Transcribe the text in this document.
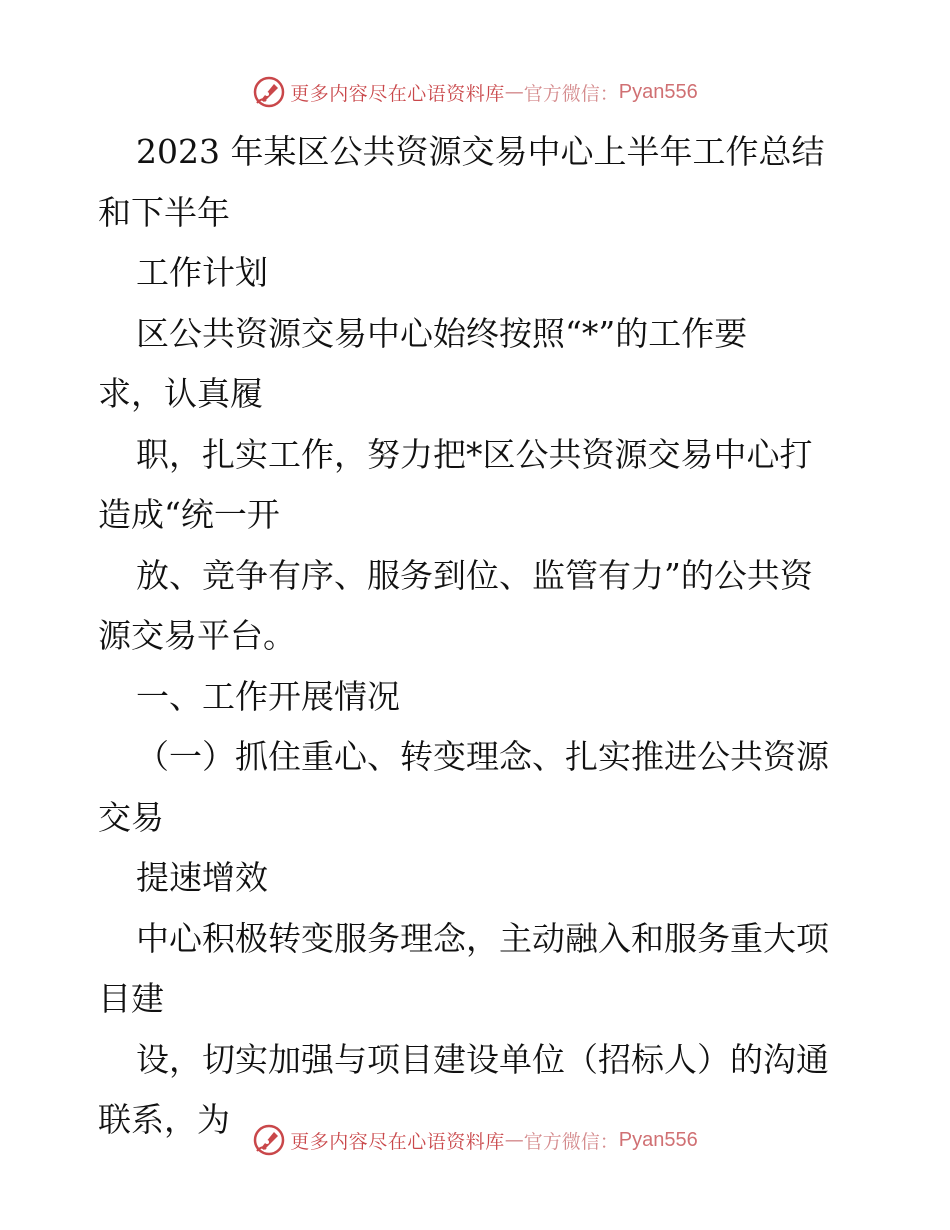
更多内容尽在心语资料库 — 官方微信： Pyan556
2023 年某区公共资源交易中心上半年工作总结
和下半年
工作计划
区公共资源交易中心始终按照“*”的工作要
求，认真履
职，扎实工作，努力把*区公共资源交易中心打
造成“统一开
放、竞争有序、服务到位、监管有力”的公共资
源交易平台。
一、工作开展情况
（一）抓住重心、转变理念、扎实推进公共资源
交易
提速增效
中心积极转变服务理念，主动融入和服务重大项
目建
设，切实加强与项目建设单位（招标人）的沟通
联系，为
更多内容尽在心语资料库 — 官方微信： Pyan556
